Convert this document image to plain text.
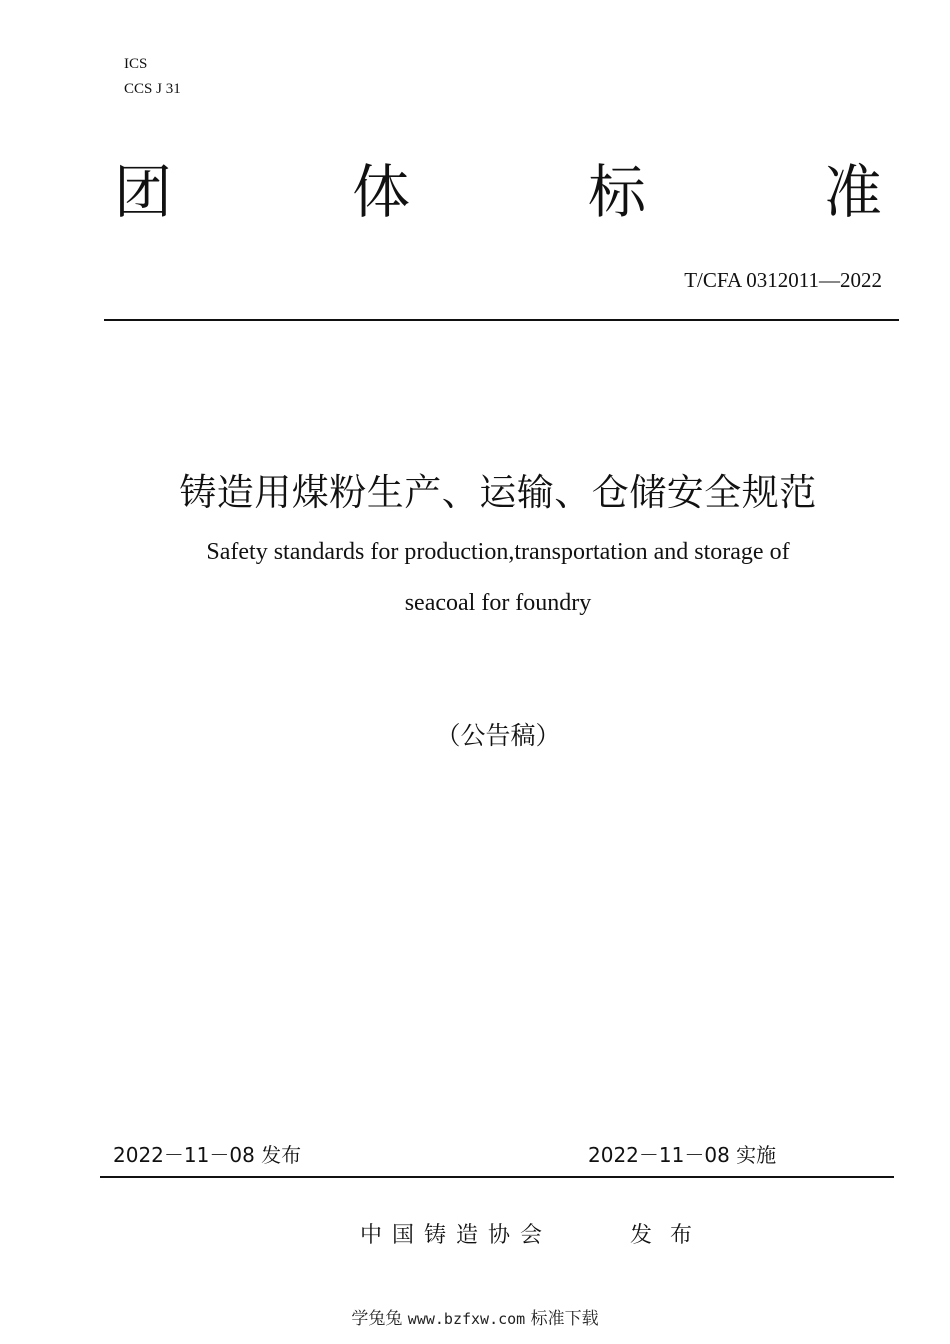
ICS
CCS J 31
团	体	标	准
T/CFA 0312011—2022
铸造用煤粉生产、运输、仓储安全规范
Safety standards for production,transportation and storage of
seacoal for foundry
（公告稿）
2022－11－08 发布	2022－11－08 实施
中国铸造协会	发布
学兔兔 www.bzfxw.com 标准下载
